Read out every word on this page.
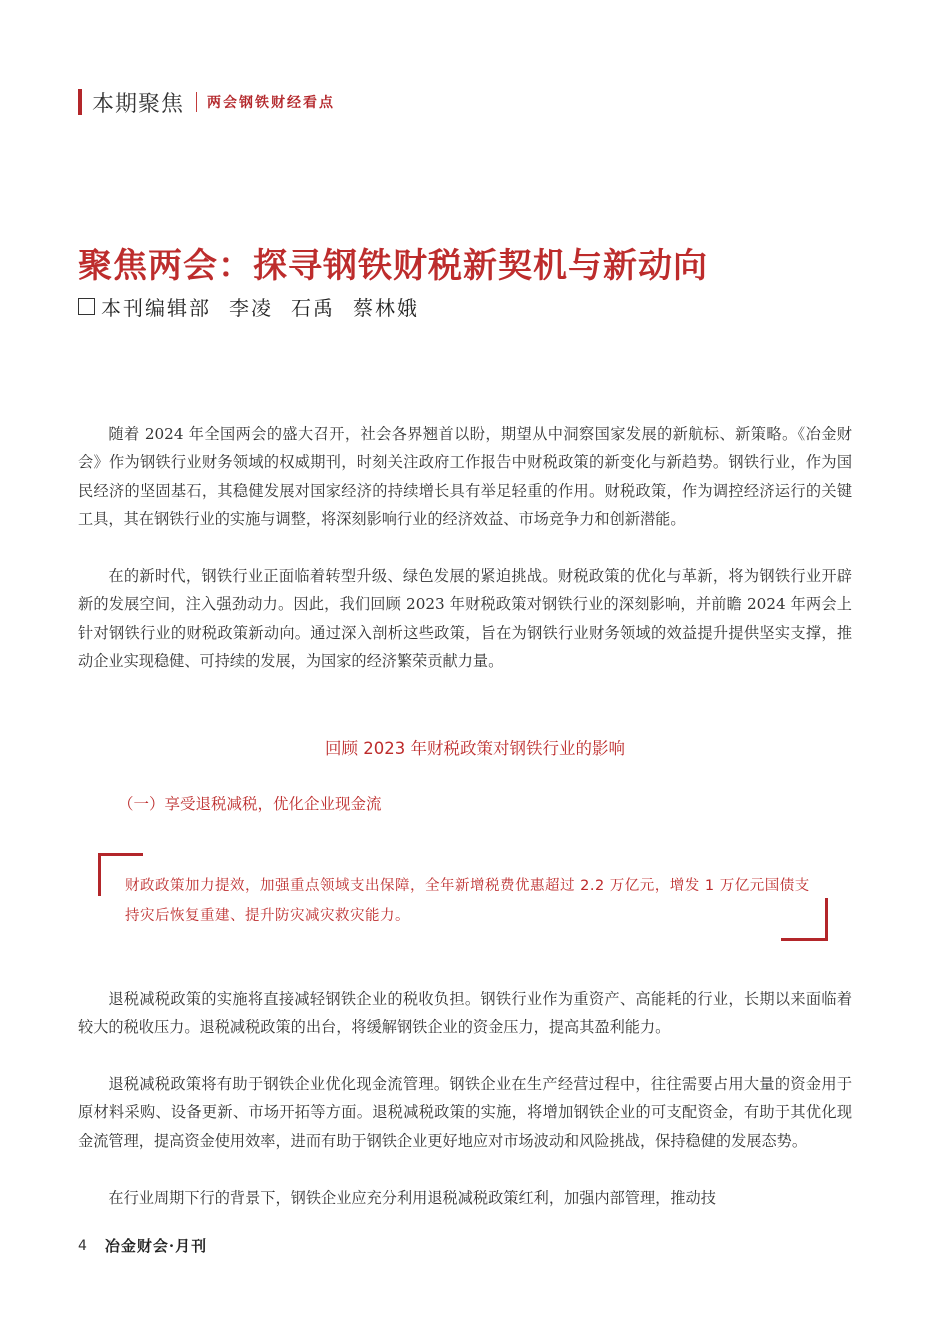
本期聚焦 两会钢铁财经看点
聚焦两会：探寻钢铁财税新契机与新动向
本刊编辑部 李凌 石禹 蔡林娥

随着 2024 年全国两会的盛大召开，社会各界翘首以盼，期望从中洞察国家发展的新航标、新策略。《冶金财会》作为钢铁行业财务领域的权威期刊，时刻关注政府工作报告中财税政策的新变化与新趋势。钢铁行业，作为国民经济的坚固基石，其稳健发展对国家经济的持续增长具有举足轻重的作用。财税政策，作为调控经济运行的关键工具，其在钢铁行业的实施与调整，将深刻影响行业的经济效益、市场竞争力和创新潜能。

在的新时代，钢铁行业正面临着转型升级、绿色发展的紧迫挑战。财税政策的优化与革新，将为钢铁行业开辟新的发展空间，注入强劲动力。因此，我们回顾 2023 年财税政策对钢铁行业的深刻影响，并前瞻 2024 年两会上针对钢铁行业的财税政策新动向。通过深入剖析这些政策，旨在为钢铁行业财务领域的效益提升提供坚实支撑，推动企业实现稳健、可持续的发展，为国家的经济繁荣贡献力量。

回顾 2023 年财税政策对钢铁行业的影响
（一）享受退税减税，优化企业现金流

财政政策加力提效，加强重点领域支出保障，全年新增税费优惠超过 2.2 万亿元，增发 1 万亿元国债支持灾后恢复重建、提升防灾减灾救灾能力。

退税减税政策的实施将直接减轻钢铁企业的税收负担。钢铁行业作为重资产、高能耗的行业，长期以来面临着较大的税收压力。退税减税政策的出台，将缓解钢铁企业的资金压力，提高其盈利能力。

退税减税政策将有助于钢铁企业优化现金流管理。钢铁企业在生产经营过程中，往往需要占用大量的资金用于原材料采购、设备更新、市场开拓等方面。退税减税政策的实施，将增加钢铁企业的可支配资金，有助于其优化现金流管理，提高资金使用效率，进而有助于钢铁企业更好地应对市场波动和风险挑战，保持稳健的发展态势。

在行业周期下行的背景下，钢铁企业应充分利用退税减税政策红利，加强内部管理，推动技

4 冶金财会·月刊
